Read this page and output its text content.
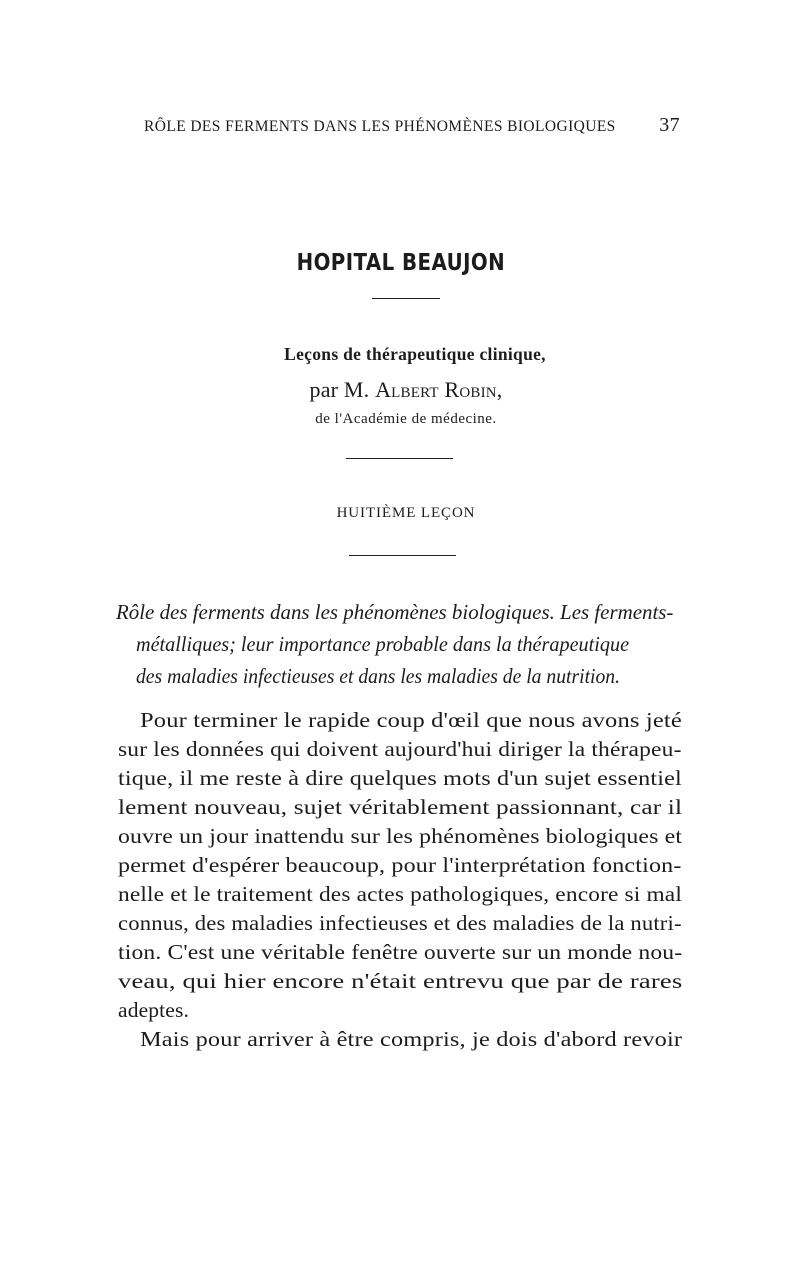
RÔLE DES FERMENTS DANS LES PHÉNOMÈNES BIOLOGIQUES 37
HOPITAL BEAUJON
Leçons de thérapeutique clinique,
par M. Albert Robin,
de l'Académie de médecine.
HUITIÈME LEÇON
Rôle des ferments dans les phénomènes biologiques. Les ferments-
métalliques; leur importance probable dans la thérapeutique
des maladies infectieuses et dans les maladies de la nutrition.
Pour terminer le rapide coup d'œil que nous avons jeté
sur les données qui doivent aujourd'hui diriger la thérapeu-
tique, il me reste à dire quelques mots d'un sujet essentiel
lement nouveau, sujet véritablement passionnant, car il
ouvre un jour inattendu sur les phénomènes biologiques et
permet d'espérer beaucoup, pour l'interprétation fonction-
nelle et le traitement des actes pathologiques, encore si mal
connus, des maladies infectieuses et des maladies de la nutri-
tion. C'est une véritable fenêtre ouverte sur un monde nou-
veau, qui hier encore n'était entrevu que par de rares
adeptes.
Mais pour arriver à être compris, je dois d'abord revoir
